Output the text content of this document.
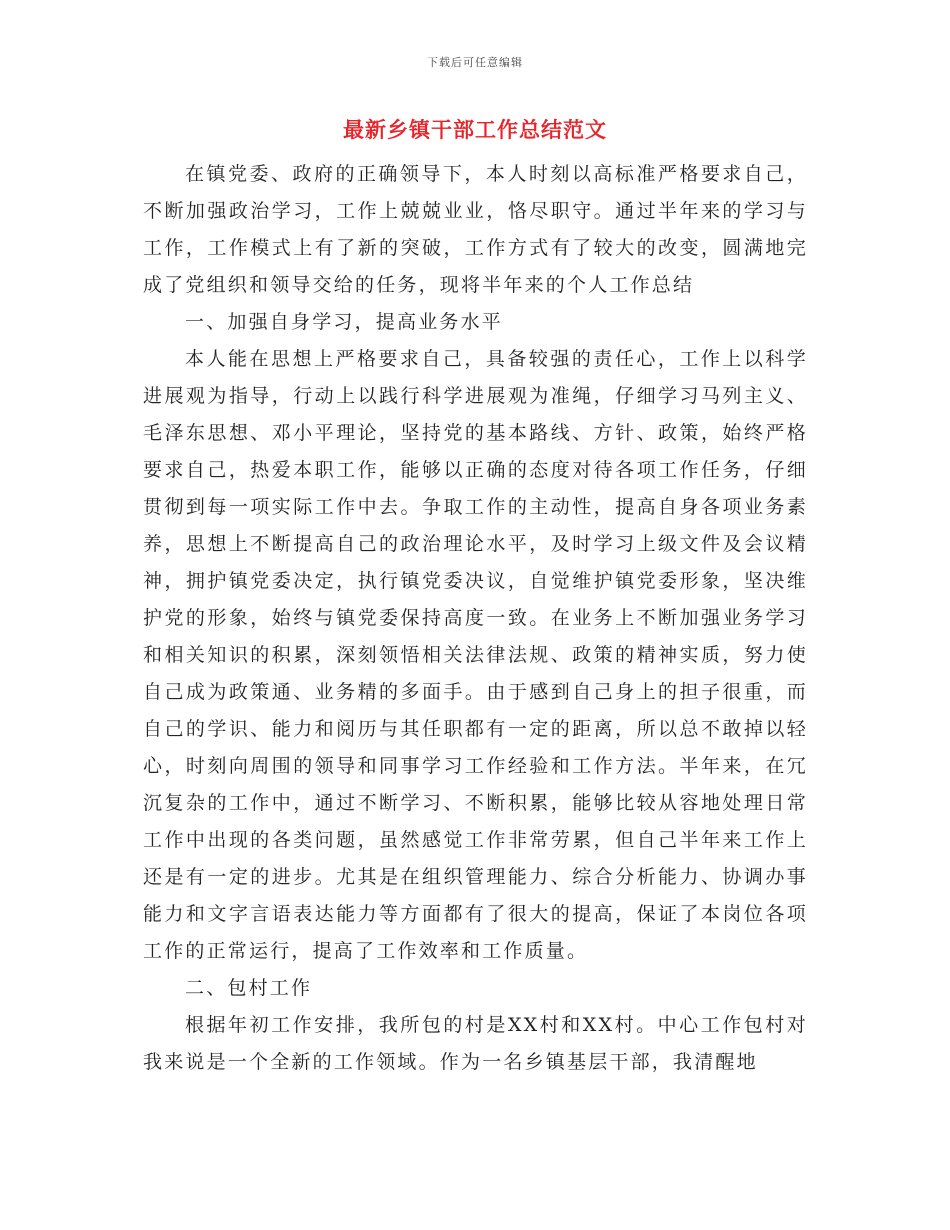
下载后可任意编辑
最新乡镇干部工作总结范文

在镇党委、政府的正确领导下，本人时刻以高标准严格要求自己，不断加强政治学习，工作上兢兢业业，恪尽职守。通过半年来的学习与工作，工作模式上有了新的突破，工作方式有了较大的改变，圆满地完成了党组织和领导交给的任务，现将半年来的个人工作总结

一、加强自身学习，提高业务水平

本人能在思想上严格要求自己，具备较强的责任心，工作上以科学进展观为指导，行动上以践行科学进展观为准绳，仔细学习马列主义、毛泽东思想、邓小平理论，坚持党的基本路线、方针、政策，始终严格要求自己，热爱本职工作，能够以正确的态度对待各项工作任务，仔细贯彻到每一项实际工作中去。争取工作的主动性，提高自身各项业务素养，思想上不断提高自己的政治理论水平，及时学习上级文件及会议精神，拥护镇党委决定，执行镇党委决议，自觉维护镇党委形象，坚决维护党的形象，始终与镇党委保持高度一致。在业务上不断加强业务学习和相关知识的积累，深刻领悟相关法律法规、政策的精神实质，努力使自己成为政策通、业务精的多面手。由于感到自己身上的担子很重，而自己的学识、能力和阅历与其任职都有一定的距离，所以总不敢掉以轻心，时刻向周围的领导和同事学习工作经验和工作方法。半年来，在冗沉复杂的工作中，通过不断学习、不断积累，能够比较从容地处理日常工作中出现的各类问题，虽然感觉工作非常劳累，但自己半年来工作上还是有一定的进步。尤其是在组织管理能力、综合分析能力、协调办事能力和文字言语表达能力等方面都有了很大的提高，保证了本岗位各项工作的正常运行，提高了工作效率和工作质量。

二、包村工作

根据年初工作安排，我所包的村是XX村和XX村。中心工作包村对我来说是一个全新的工作领域。作为一名乡镇基层干部，我清醒地
